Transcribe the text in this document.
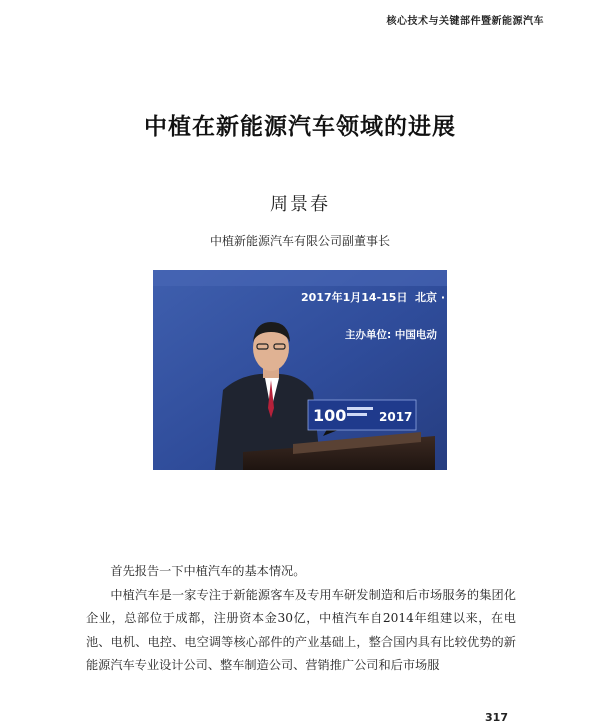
核心技术与关键部件暨新能源汽车
中植在新能源汽车领域的进展
周景春
中植新能源汽车有限公司副董事长
2017年1月14-15日 北京 · 钓
主办单位: 中国电动
100	2017

首先报告一下中植汽车的基本情况。

中植汽车是一家专注于新能源客车及专用车研发制造和后市场服务的集团化企业，总部位于成都，注册资本金30亿，中植汽车自2014年组建以来，在电池、电机、电控、电空调等核心部件的产业基础上，整合国内具有比较优势的新能源汽车专业设计公司、整车制造公司、营销推广公司和后市场服

317
